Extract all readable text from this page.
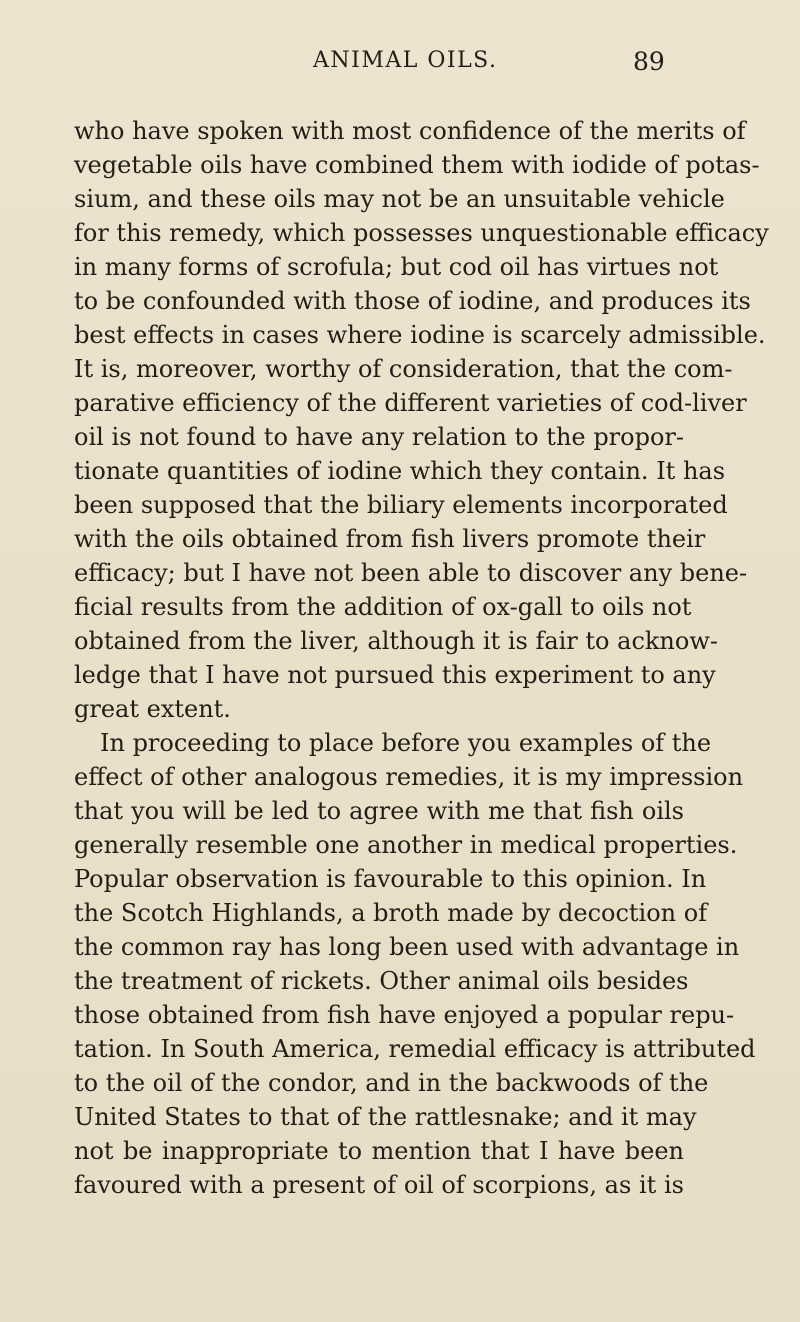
ANIMAL OILS.	89
who have spoken with most confidence of the merits of
vegetable oils have combined them with iodide of potas-
sium, and these oils may not be an unsuitable vehicle
for this remedy, which possesses unquestionable efficacy
in many forms of scrofula; but cod oil has virtues not
to be confounded with those of iodine, and produces its
best effects in cases where iodine is scarcely admissible.
It is, moreover, worthy of consideration, that the com-
parative efficiency of the different varieties of cod-liver
oil is not found to have any relation to the propor-
tionate quantities of iodine which they contain. It has
been supposed that the biliary elements incorporated
with the oils obtained from fish livers promote their
efficacy; but I have not been able to discover any bene-
ficial results from the addition of ox-gall to oils not
obtained from the liver, although it is fair to acknow-
ledge that I have not pursued this experiment to any
great extent.
In proceeding to place before you examples of the
effect of other analogous remedies, it is my impression
that you will be led to agree with me that fish oils
generally resemble one another in medical properties.
Popular observation is favourable to this opinion. In
the Scotch Highlands, a broth made by decoction of
the common ray has long been used with advantage in
the treatment of rickets. Other animal oils besides
those obtained from fish have enjoyed a popular repu-
tation. In South America, remedial efficacy is attributed
to the oil of the condor, and in the backwoods of the
United States to that of the rattlesnake; and it may
not be inappropriate to mention that I have been
favoured with a present of oil of scorpions, as it is
